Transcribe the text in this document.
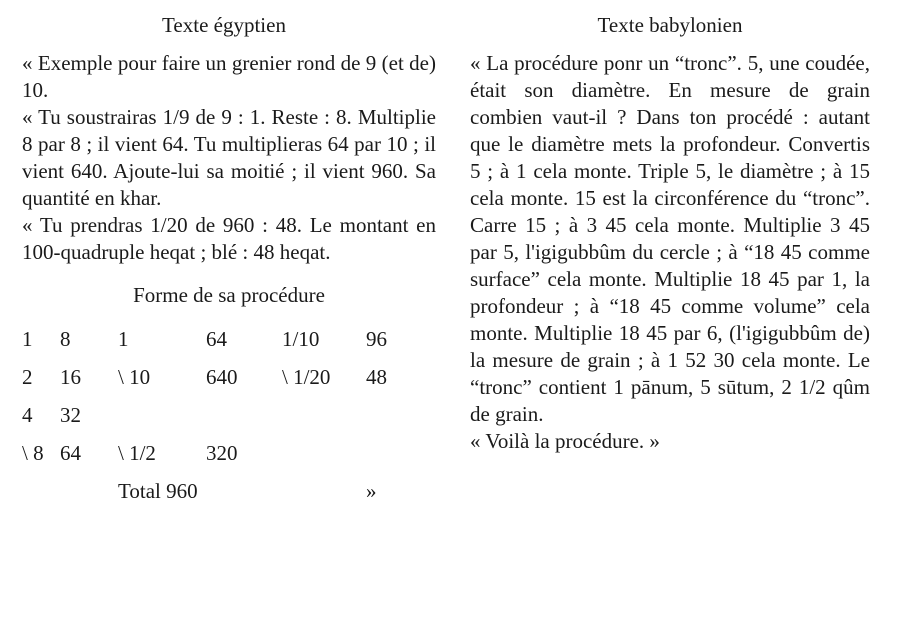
Texte égyptien

« Exemple pour faire un grenier rond de 9 (et de) 10.

« Tu soustrairas 1/9 de 9 : 1. Reste : 8. Multiplie 8 par 8 ; il vient 64. Tu multiplieras 64 par 10 ; il vient 640. Ajoute-lui sa moitié ; il vient 960. Sa quantité en khar.

« Tu prendras 1/20 de 960 : 48. Le montant en 100-quadruple heqat ; blé : 48 heqat.

Forme de sa procédure
1	8	1	64	1/10	96
2	16	\ 10	640	\ 1/20	48
4	32				
\ 8	64	\ 1/2	320		
		Total 960			»
Texte babylonien

« La procédure ponr un “tronc”. 5, une coudée, était son diamètre. En mesure de grain combien vaut-il ? Dans ton procédé : autant que le diamètre mets la profondeur. Convertis 5 ; à 1 cela monte. Triple 5, le diamètre ; à 15 cela monte. 15 est la circonférence du “tronc”. Carre 15 ; à 3 45 cela monte. Multiplie 3 45 par 5, l'igigubbûm du cercle ; à “18 45 comme surface” cela monte. Multiplie 18 45 par 1, la profondeur ; à “18 45 comme volume” cela monte. Multiplie 18 45 par 6, (l'igigubbûm de) la mesure de grain ; à 1 52 30 cela monte. Le “tronc” contient 1 pānum, 5 sūtum, 2 1/2 qûm de grain.

« Voilà la procédure. »
